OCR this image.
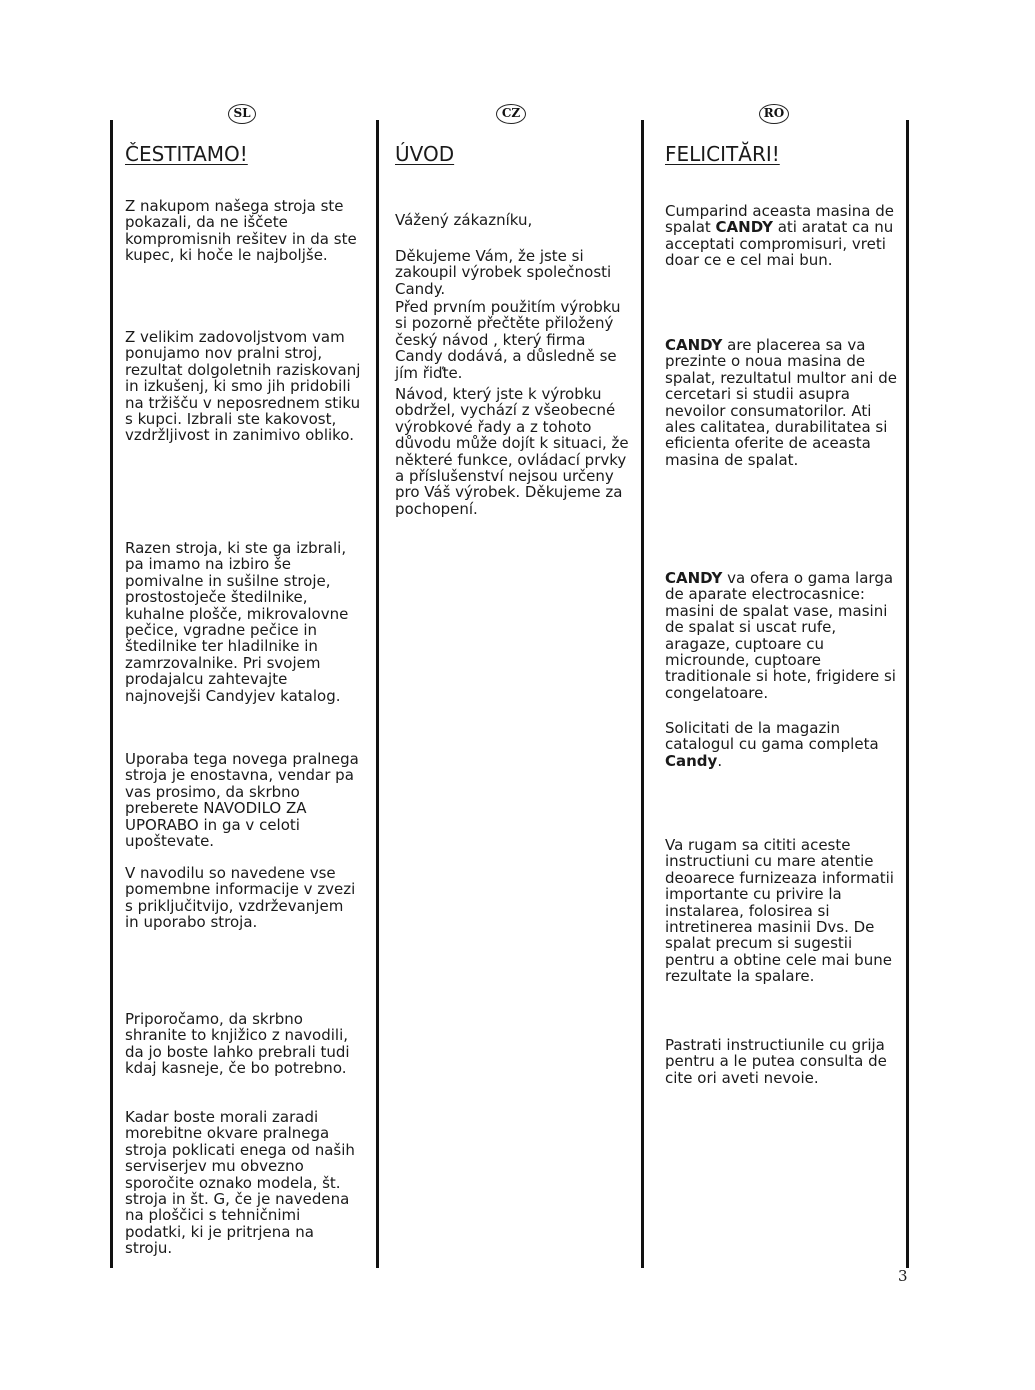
SL	CZ	RO
ČESTITAMO!

Z nakupom našega stroja ste pokazali, da ne iščete kompromisnih rešitev in da ste kupec, ki hoče le najboljše.

Z velikim zadovoljstvom vam ponujamo nov pralni stroj, rezultat dolgoletnih raziskovanj in izkušenj, ki smo jih pridobili na tržišču v neposrednem stiku s kupci. Izbrali ste kakovost, vzdržljivost in zanimivo obliko.

Razen stroja, ki ste ga izbrali, pa imamo na izbiro še pomivalne in sušilne stroje, prostostoječe štedilnike, kuhalne plošče, mikrovalovne pečice, vgradne pečice in štedilnike ter hladilnike in zamrzovalnike. Pri svojem prodajalcu zahtevajte najnovejši Candyjev katalog.

Uporaba tega novega pralnega stroja je enostavna, vendar pa vas prosimo, da skrbno preberete NAVODILO ZA UPORABO in ga v celoti upoštevate.

V navodilu so navedene vse pomembne informacije v zvezi s priključitvijo, vzdrževanjem in uporabo stroja.

Priporočamo, da skrbno shranite to knjižico z navodili, da jo boste lahko prebrali tudi kdaj kasneje, če bo potrebno.

Kadar boste morali zaradi morebitne okvare pralnega stroja poklicati enega od naših serviserjev mu obvezno sporočite oznako modela, št. stroja in št. G, če je navedena na ploščici s tehničnimi podatki, ki je pritrjena na stroju.

ÚVOD

Vážený zákazníku,

Děkujeme Vám, že jste si zakoupil výrobek společnosti Candy.

Před prvním použitím výrobku si pozorně přečtěte přiložený český návod , který firma Candy dodává, a důsledně se jím řiďte.

Návod, který jste k výrobku obdržel, vychází z všeobecné výrobkové řady a z tohoto důvodu může dojít k situaci, že některé funkce, ovládací prvky a příslušenství nejsou určeny pro Váš výrobek. Děkujeme za pochopení.

FELICITĂRI!

Cumparind aceasta masina de spalat CANDY ati aratat ca nu acceptati compromisuri, vreti doar ce e cel mai bun.

CANDY are placerea sa va prezinte o noua masina de spalat, rezultatul multor ani de cercetari si studii asupra nevoilor consumatorilor. Ati ales calitatea, durabilitatea si eficienta oferite de aceasta masina de spalat.

CANDY va ofera o gama larga de aparate electrocasnice: masini de spalat vase, masini de spalat si uscat rufe, aragaze, cuptoare cu microunde, cuptoare traditionale si hote, frigidere si congelatoare.

Solicitati de la magazin catalogul cu gama completa Candy.

Va rugam sa cititi aceste instructiuni cu mare atentie deoarece furnizeaza informatii importante cu privire la instalarea, folosirea si intretinerea masinii Dvs. De spalat precum si sugestii pentru a obtine cele mai bune rezultate la spalare.

Pastrati instructiunile cu grija pentru a le putea consulta de cite ori aveti nevoie.

3
